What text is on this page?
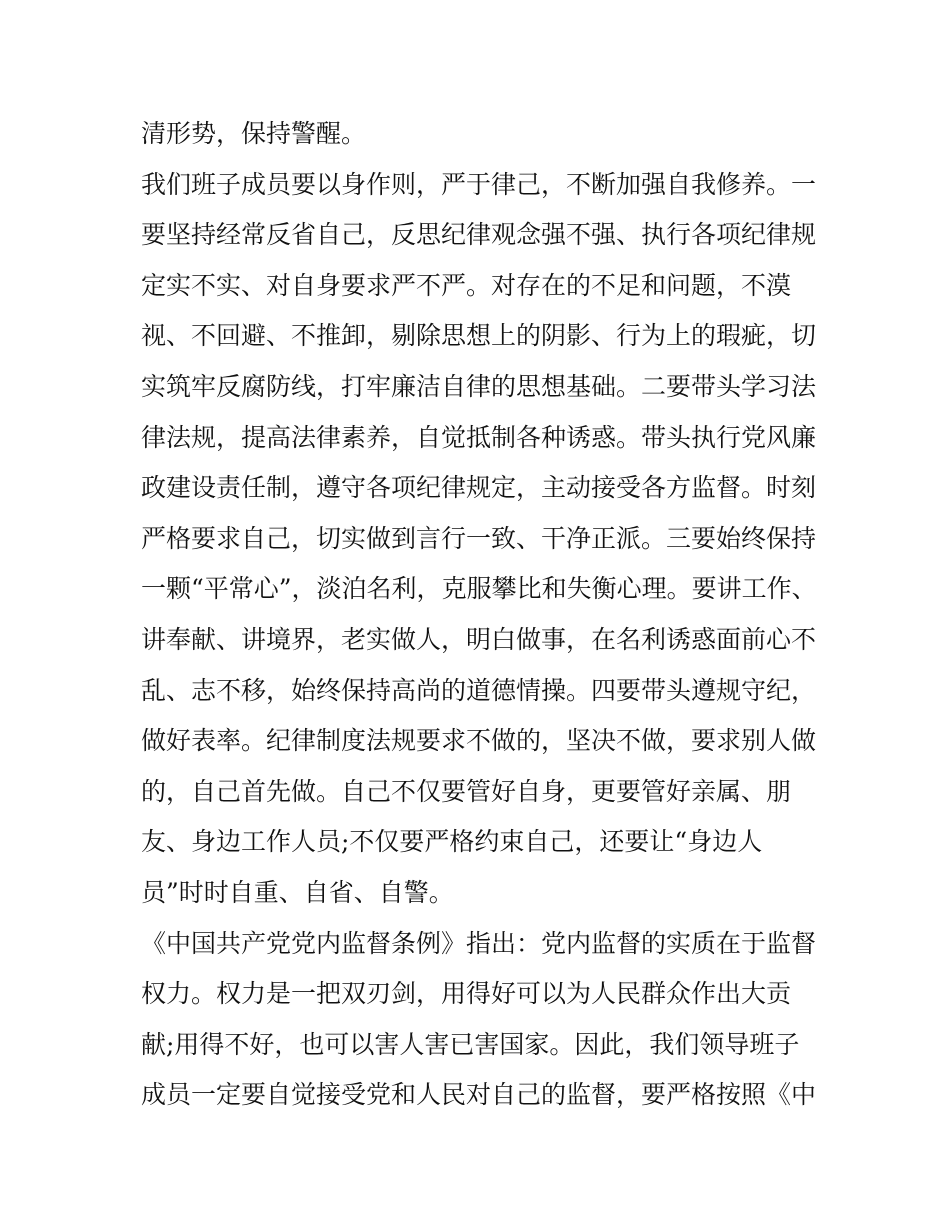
清形势，保持警醒。
我们班子成员要以身作则，严于律己，不断加强自我修养。一
要坚持经常反省自己，反思纪律观念强不强、执行各项纪律规
定实不实、对自身要求严不严。对存在的不足和问题，不漠
视、不回避、不推卸，剔除思想上的阴影、行为上的瑕疵，切
实筑牢反腐防线，打牢廉洁自律的思想基础。二要带头学习法
律法规，提高法律素养，自觉抵制各种诱惑。带头执行党风廉
政建设责任制，遵守各项纪律规定，主动接受各方监督。时刻
严格要求自己，切实做到言行一致、干净正派。三要始终保持
一颗“平常心”，淡泊名利，克服攀比和失衡心理。要讲工作、
讲奉献、讲境界，老实做人，明白做事，在名利诱惑面前心不
乱、志不移，始终保持高尚的道德情操。四要带头遵规守纪，
做好表率。纪律制度法规要求不做的，坚决不做，要求别人做
的，自己首先做。自己不仅要管好自身，更要管好亲属、朋
友、身边工作人员;不仅要严格约束自己，还要让“身边人
员”时时自重、自省、自警。
《中国共产党党内监督条例》指出：党内监督的实质在于监督
权力。权力是一把双刃剑，用得好可以为人民群众作出大贡
献;用得不好，也可以害人害已害国家。因此，我们领导班子
成员一定要自觉接受党和人民对自己的监督，要严格按照《中
